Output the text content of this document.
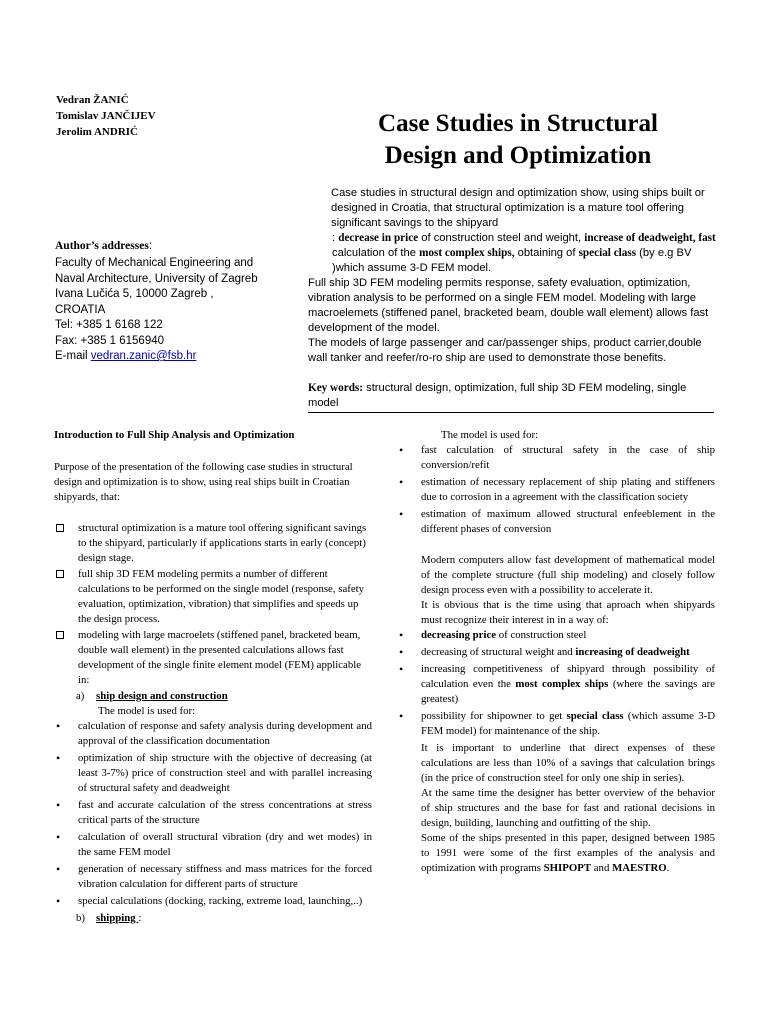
Vedran ŽANIĆ
Tomislav JANČIJEV
Jerolim ANDRIĆ	Case Studies in Structural
Design and Optimization

Case studies in structural design and optimization show, using ships built or designed in Croatia, that structural optimization is a mature tool offering significant savings to the shipyard

: decrease in price of construction steel and weight, increase of deadweight, fast calculation of the most complex ships, obtaining of special class (by e.g BV )which assume 3-D FEM model.

Full ship 3D FEM modeling permits response, safety evaluation, optimization, vibration analysis to be performed on a single FEM model. Modeling with large macroelemets (stiffened panel, bracketed beam, double wall element) allows fast development of the model.

The models of large passenger and car/passenger ships, product carrier,double wall tanker and reefer/ro-ro ship are used to demonstrate those benefits.

Key words: structural design, optimization, full ship 3D FEM modeling, single model
Author’s addresses:
Faculty of Mechanical Engineering and
Naval Architecture, University of Zagreb
Ivana Lučića 5, 10000 Zagreb ,
CROATIA
Tel: +385 1 6168 122
Fax: +385 1 6156940
E-mail vedran.zanic@fsb.hr
Introduction to Full Ship Analysis and Optimization
Purpose of the presentation of the following case studies in structural design and optimization is to show, using real ships built in Croatian shipyards, that:
structural optimization is a mature tool offering significant savings to the shipyard, particularly if applications starts in early (concept) design stage.
full ship 3D FEM modeling permits a number of different calculations to be performed on the single model (response, safety evaluation, optimization, vibration) that simplifies and speeds up the design process.
modeling with large macroelets (stiffened panel, bracketed beam, double wall element) in the presented calculations allows fast development of the single finite element model (FEM) applicable in:
a) ship design and construction
The model is used for:
• calculation of response and safety analysis during development and approval of the classification documentation
• optimization of ship structure with the objective of decreasing (at least 3-7%) price of construction steel and with parallel increasing of structural safety and deadweight
• fast and accurate calculation of the stress concentrations at stress critical parts of the structure
• calculation of overall structural vibration (dry and wet modes) in the same FEM model
• generation of necessary stiffness and mass matrices for the forced vibration calculation for different parts of structure
• special calculations (docking, racking, extreme load, launching,..)
b) shipping :
The model is used for:
• fast calculation of structural safety in the case of ship conversion/refit
• estimation of necessary replacement of ship plating and stiffeners due to corrosion in a agreement with the classification society
• estimation of maximum allowed structural enfeeblement in the different phases of conversion
Modern computers allow fast development of mathematical model of the complete structure (full ship modeling) and closely follow design process even with a possibility to accelerate it.
It is obvious that is the time using that aproach when shipyards must recognize their interest in in a way of:
• decreasing price of construction steel
• decreasing of structural weight and increasing of deadweight
• increasing competitiveness of shipyard through possibility of calculation even the most complex ships (where the savings are greatest)
• possibility for shipowner to get special class (which assume 3-D FEM model) for maintenance of the ship.
It is important to underline that direct expenses of these calculations are less than 10% of a savings that calculation brings (in the price of construction steel for only one ship in series).
At the same time the designer has better overview of the behavior of ship structures and the base for fast and rational decisions in design, building, launching and outfitting of the ship.
Some of the ships presented in this paper, designed between 1985 to 1991 were some of the first examples of the analysis and optimization with programs SHIPOPT and MAESTRO.
